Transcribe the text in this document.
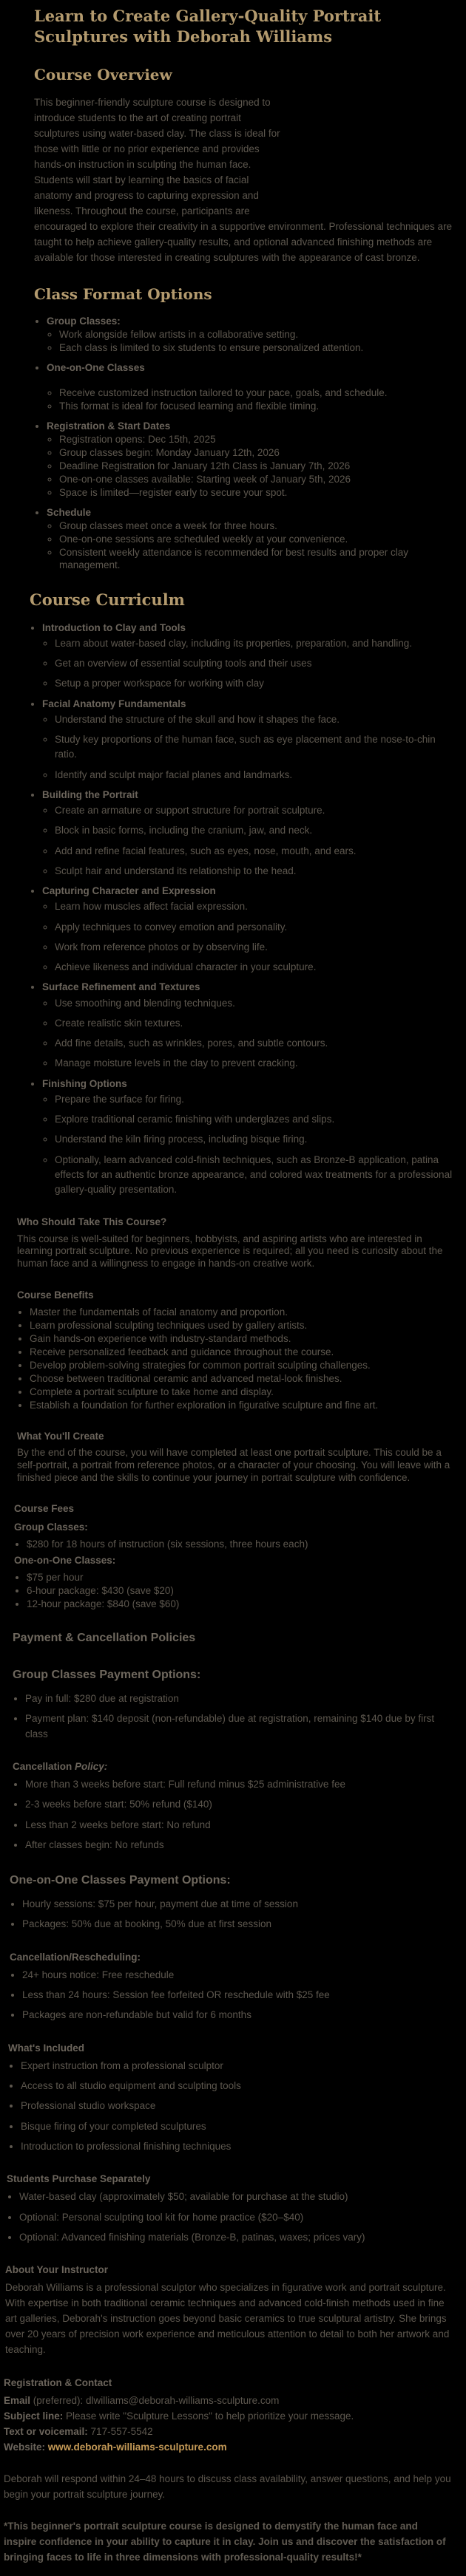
Learn to Create Gallery-Quality Portrait Sculptures with Deborah Williams
Course Overview

This beginner-friendly sculpture course is designed to introduce students to the art of creating portrait sculptures using water-based clay. The class is ideal for those with little or no prior experience and provides hands-on instruction in sculpting the human face. Students will start by learning the basics of facial anatomy and progress to capturing expression and likeness. Throughout the course, participants are encouraged to explore their creativity in a supportive environment. Professional techniques are taught to help achieve gallery-quality results, and optional advanced finishing methods are available for those interested in creating sculptures with the appearance of cast bronze.

Class Format Options
• Group Classes:
◦ Work alongside fellow artists in a collaborative setting.
◦ Each class is limited to six students to ensure personalized attention.
• One-on-One Classes
◦ Receive customized instruction tailored to your pace, goals, and schedule.
◦ This format is ideal for focused learning and flexible timing.
• Registration & Start Dates
◦ Registration opens: Dec 15th, 2025
◦ Group classes begin: Monday January 12th, 2026
◦ Deadline Registration for January 12th Class is January 7th, 2026
◦ One-on-one classes available: Starting week of January 5th, 2026
◦ Space is limited—register early to secure your spot.
• Schedule
◦ Group classes meet once a week for three hours.
◦ One-on-one sessions are scheduled weekly at your convenience.
◦ Consistent weekly attendance is recommended for best results and proper clay management.
Course Curriculm
• Introduction to Clay and Tools
◦ Learn about water-based clay, including its properties, preparation, and handling.
◦ Get an overview of essential sculpting tools and their uses
◦ Setup a proper workspace for working with clay
• Facial Anatomy Fundamentals
◦ Understand the structure of the skull and how it shapes the face.
◦ Study key proportions of the human face, such as eye placement and the nose-to-chin ratio.
◦ Identify and sculpt major facial planes and landmarks.
• Building the Portrait
◦ Create an armature or support structure for portrait sculpture.
◦ Block in basic forms, including the cranium, jaw, and neck.
◦ Add and refine facial features, such as eyes, nose, mouth, and ears.
◦ Sculpt hair and understand its relationship to the head.
• Capturing Character and Expression
◦ Learn how muscles affect facial expression.
◦ Apply techniques to convey emotion and personality.
◦ Work from reference photos or by observing life.
◦ Achieve likeness and individual character in your sculpture.
• Surface Refinement and Textures
◦ Use smoothing and blending techniques.
◦ Create realistic skin textures.
◦ Add fine details, such as wrinkles, pores, and subtle contours.
◦ Manage moisture levels in the clay to prevent cracking.
• Finishing Options
◦ Prepare the surface for firing.
◦ Explore traditional ceramic finishing with underglazes and slips.
◦ Understand the kiln firing process, including bisque firing.
◦ Optionally, learn advanced cold-finish techniques, such as Bronze-B application, patina effects for an authentic bronze appearance, and colored wax treatments for a professional gallery-quality presentation.
Who Should Take This Course?

This course is well-suited for beginners, hobbyists, and aspiring artists who are interested in learning portrait sculpture. No previous experience is required; all you need is curiosity about the human face and a willingness to engage in hands-on creative work.

Course Benefits
• Master the fundamentals of facial anatomy and proportion.
• Learn professional sculpting techniques used by gallery artists.
• Gain hands-on experience with industry-standard methods.
• Receive personalized feedback and guidance throughout the course.
• Develop problem-solving strategies for common portrait sculpting challenges.
• Choose between traditional ceramic and advanced metal-look finishes.
• Complete a portrait sculpture to take home and display.
• Establish a foundation for further exploration in figurative sculpture and fine art.
What You'll Create

By the end of the course, you will have completed at least one portrait sculpture. This could be a self-portrait, a portrait from reference photos, or a character of your choosing. You will leave with a finished piece and the skills to continue your journey in portrait sculpture with confidence.

Course Fees
Group Classes:
• $280 for 18 hours of instruction (six sessions, three hours each)
One-on-One Classes:
• $75 per hour
• 6-hour package: $430 (save $20)
• 12-hour package: $840 (save $60)
Payment & Cancellation Policies
Group Classes Payment Options:
• Pay in full: $280 due at registration
• Payment plan: $140 deposit (non-refundable) due at registration, remaining $140 due by first class
Cancellation Policy:
• More than 3 weeks before start: Full refund minus $25 administrative fee
• 2-3 weeks before start: 50% refund ($140)
• Less than 2 weeks before start: No refund
• After classes begin: No refunds
One-on-One Classes Payment Options:
• Hourly sessions: $75 per hour, payment due at time of session
• Packages: 50% due at booking, 50% due at first session
Cancellation/Rescheduling:
• 24+ hours notice: Free reschedule
• Less than 24 hours: Session fee forfeited OR reschedule with $25 fee
• Packages are non-refundable but valid for 6 months
What's Included
• Expert instruction from a professional sculptor
• Access to all studio equipment and sculpting tools
• Professional studio workspace
• Bisque firing of your completed sculptures
• Introduction to professional finishing techniques
Students Purchase Separately
• Water-based clay (approximately $50; available for purchase at the studio)
• Optional: Personal sculpting tool kit for home practice ($20–$40)
• Optional: Advanced finishing materials (Bronze-B, patinas, waxes; prices vary)
About Your Instructor

Deborah Williams is a professional sculptor who specializes in figurative work and portrait sculpture. With expertise in both traditional ceramic techniques and advanced cold-finish methods used in fine art galleries, Deborah's instruction goes beyond basic ceramics to true sculptural artistry. She brings over 20 years of precision work experience and meticulous attention to detail to both her artwork and teaching.

Registration & Contact

Email (preferred): dlwilliams@deborah-williams-sculpture.com

Subject line: Please write "Sculpture Lessons" to help prioritize your message.

Text or voicemail: 717-557-5542

Website: www.deborah-williams-sculpture.com

Deborah will respond within 24–48 hours to discuss class availability, answer questions, and help you begin your portrait sculpture journey.

*This beginner's portrait sculpture course is designed to demystify the human face and inspire confidence in your ability to capture it in clay. Join us and discover the satisfaction of bringing faces to life in three dimensions with professional-quality results!*
